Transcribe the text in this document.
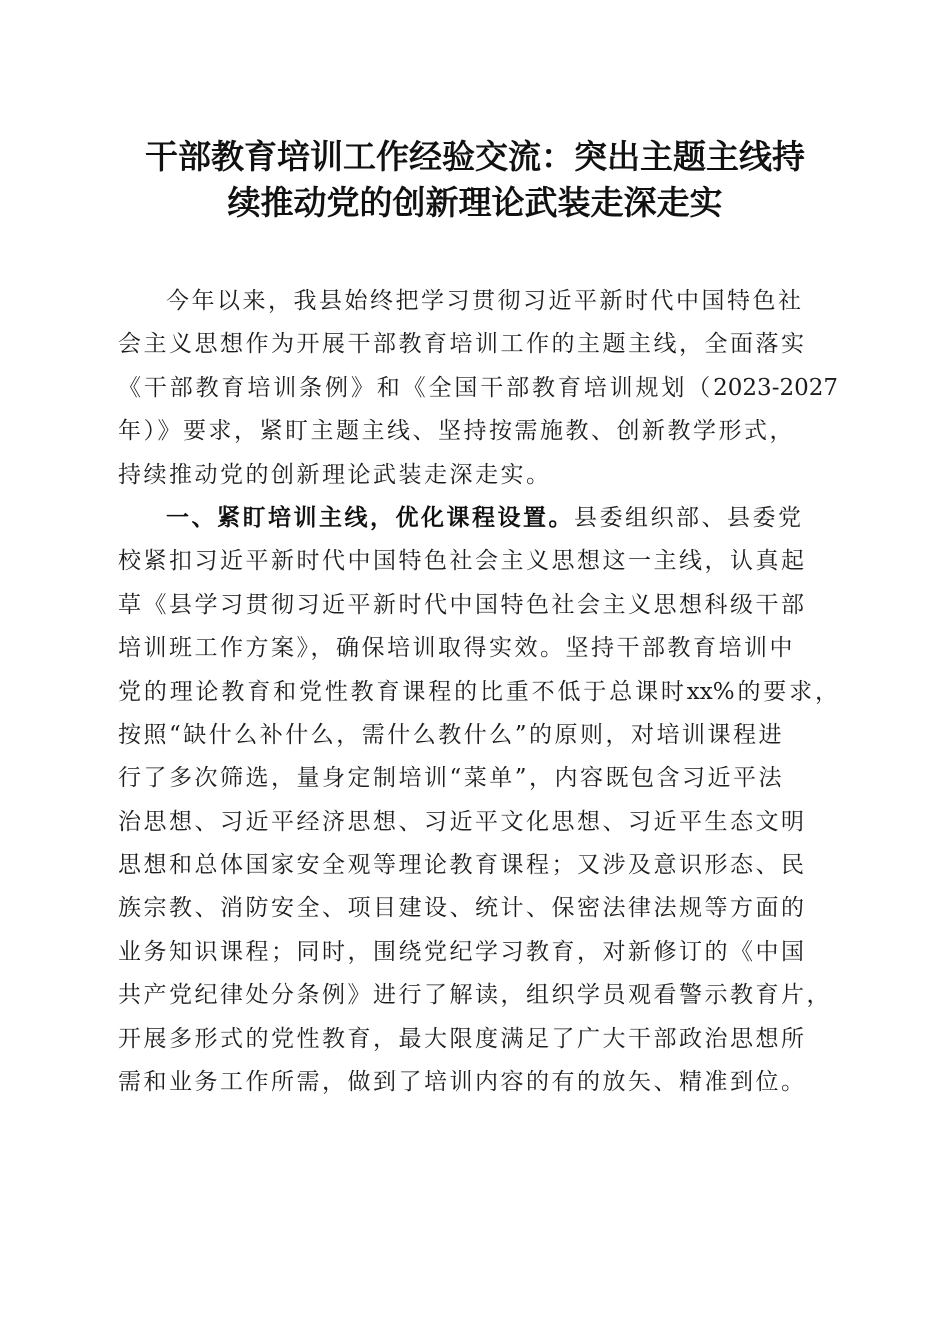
干部教育培训工作经验交流：突出主题主线持
续推动党的创新理论武装走深走实
今年以来，我县始终把学习贯彻习近平新时代中国特色社
会主义思想作为开展干部教育培训工作的主题主线，全面落实
《干部教育培训条例》和《全国干部教育培训规划（2023-2027
年）》要求，紧盯主题主线、坚持按需施教、创新教学形式，
持续推动党的创新理论武装走深走实。
一、紧盯培训主线，优化课程设置。县委组织部、县委党
校紧扣习近平新时代中国特色社会主义思想这一主线，认真起
草《县学习贯彻习近平新时代中国特色社会主义思想科级干部
培训班工作方案》，确保培训取得实效。坚持干部教育培训中
党的理论教育和党性教育课程的比重不低于总课时xx%的要求，
按照“缺什么补什么，需什么教什么”的原则，对培训课程进
行了多次筛选，量身定制培训“菜单”，内容既包含习近平法
治思想、习近平经济思想、习近平文化思想、习近平生态文明
思想和总体国家安全观等理论教育课程；又涉及意识形态、民
族宗教、消防安全、项目建设、统计、保密法律法规等方面的
业务知识课程；同时，围绕党纪学习教育，对新修订的《中国
共产党纪律处分条例》进行了解读，组织学员观看警示教育片，
开展多形式的党性教育，最大限度满足了广大干部政治思想所
需和业务工作所需，做到了培训内容的有的放矢、精准到位。
